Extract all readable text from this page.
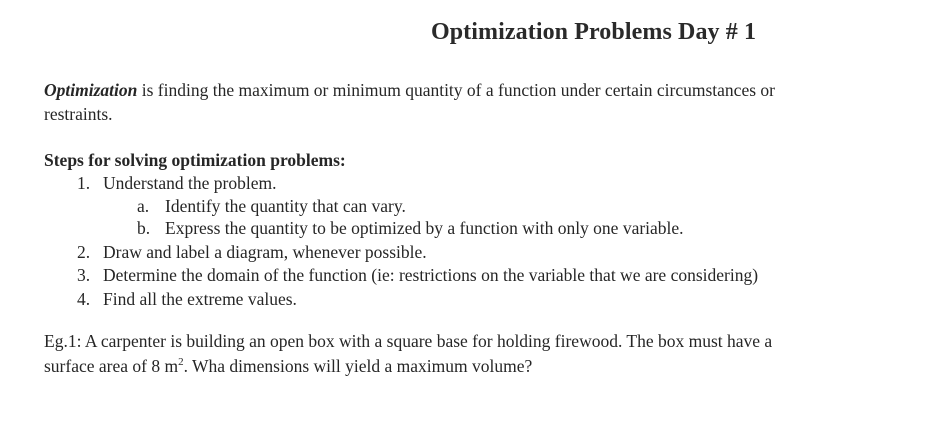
Optimization Problems Day # 1
Optimization is finding the maximum or minimum quantity of a function under certain circumstances or
restraints.
Steps for solving optimization problems:
1. Understand the problem.
a. Identify the quantity that can vary.
b. Express the quantity to be optimized by a function with only one variable.
2. Draw and label a diagram, whenever possible.
3. Determine the domain of the function (ie: restrictions on the variable that we are considering)
4. Find all the extreme values.
Eg.1: A carpenter is building an open box with a square base for holding firewood. The box must have a
surface area of 8 $m^2$. Wha dimensions will yield a maximum volume?
